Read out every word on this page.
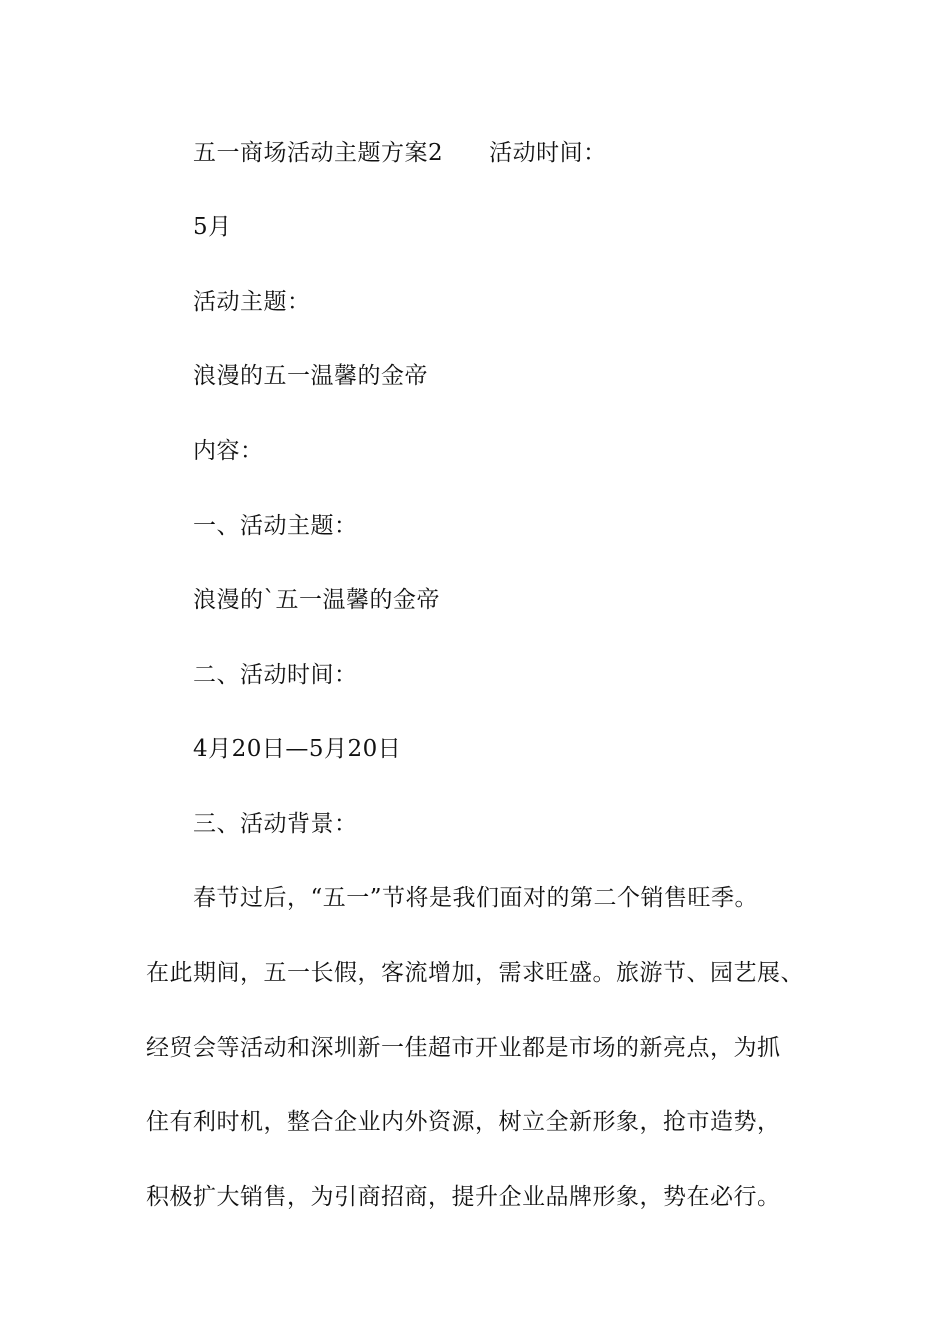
五一商场活动主题方案2 活动时间：
5月
活动主题：
浪漫的五一温馨的金帝
内容：
一、活动主题：
浪漫的`五一温馨的金帝
二、活动时间：
4月20日—5月20日
三、活动背景：
春节过后，“五一”节将是我们面对的第二个销售旺季。
在此期间，五一长假，客流增加，需求旺盛。旅游节、园艺展、
经贸会等活动和深圳新一佳超市开业都是市场的新亮点，为抓
住有利时机，整合企业内外资源，树立全新形象，抢市造势，
积极扩大销售，为引商招商，提升企业品牌形象，势在必行。
